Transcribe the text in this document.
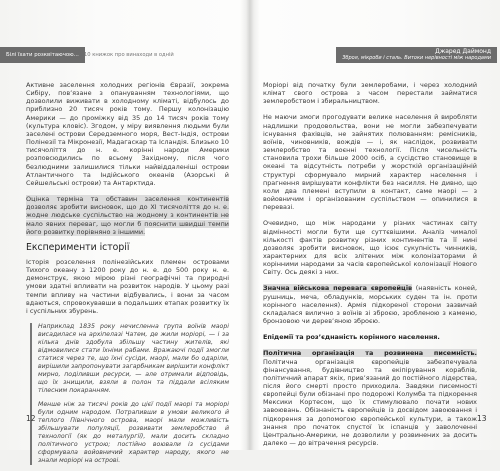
Білі їхати розквітаючою... 10 книжок про винаходи в одній

Активне заселення холодних регіонів Євразії, зокрема Сибіру, пов’язане з опануванням технологіями, що дозволили виживати в холодному кліматі, відбулось до приблизно 20 тисяч років тому. Першу колонізацію Америки — до проміжку від 35 до 14 тисяч років тому (культура кловіс). Згодом, у міру виявлення людьми були заселені острови Середземного моря, Вест-Індія, острови Полінезії та Мікронезії, Мадагаскар та Ісландія. Близько 10 тисячоліття до н. е. корінні народи Америки розповсюдились по всьому Західному, після чого безлюдними залишилися тільки найвіддаленіші острови Атлантичного та Індійського океанів (Азорські й Сейшельські острови) та Антарктида.

Оцінка терміна та обставин заселення континентів дозволяє зробити висновок, що до XI тисячоліття до н. е. жодне людське суспільство на жодному з континентів не мало явних переваг, що могли б пояснити швидші темпи його розвитку порівняно з іншими.

Експерименти історії

Історія розселення полінезійських племен островами Тихого океану з 1200 року до н. е. до 500 року н. е. демонструє, якою мірою різні географічні та природні умови здатні впливати на розвиток народів. У цьому разі темпи впливу на частини відбувались, і вони за часом вдаються, спровокувавши в подальших етапах розвитку їх і суспільних збурень.

Наприклад 1835 року нечисленна група воїнів маорі висадилася на архіпелазі Чатем, де жили моріорі, — і за кілька днів здобула збільшу частину жителів, які відмовилися стати їхніми рабами. Вражаючі події змогли статися через те, що їхні сусіди, маорі, мали бо одаріли, вирішили запропонувати загарбникам вирішити конфлікт мирно, поділивши ресурси, — але отримали відповідь, що їх знищили, взяли в полон та піддали всіляким тілесним покаранням.

Менше ніж за тисячі років до цієї події маорі та моріорі були одним народом. Потрапивши в умови великого й теплого Північного острова, маорі мали можливість збільшувати популяції, розвивати землеробство й технології (як до металургії), мали досить складно політичного устрою; постійно воювали із сусідами сформувала войовничий характер народу, якого не знали моріорі на острові.

12
Джаред Даймонд
Зброя, мікроби і сталь. Витоки нерівності між народами

Моріорі від початку були землеробами, і через холодний клімат свого острова з часом перестали займатися землеробством і збиральництвом.

Не маючи змоги прогодувати велике населення й виробляти надлишки продовольства, вони не могли забезпечувати існування фахівців, не зайнятих полюванням: ремісників, воїнів, чиновників, вождів — і, як наслідок, розвивати землеробство та воєнні технології. Після чисельність становила трохи більше 2000 осіб, а сусідство становище в океані та відсутність потреби у жорсткій організаційній структурі сформувало мирний характер населення і прагнення вирішувати конфлікти без насилля. Не дивно, що коли два племені вступили в контакт, саме маорі — з войовничим і організованим суспільством — опинилися в перевазі.

Очевидно, що між народами у різних частинах світу відмінності могли бути ще суттєвішими. Аналіз чималої кількості фактів розвитку різних континентів та її нині дозволяє зробити висновок, що ісює сукупність чинників, характерних для всіх злітених між колонізаторами й корінними народами за часів європейської колонізації Нового Світу. Ось деякі з них.

Значна військова перевага європейців (наявність коней, рушниць, меча, обладунків, морських суден та ін. проти корінного населення). Армія підкореної сторони зазвичай складалася вилично з воїнів зі зброєю, зробленою з каменю, бронзовою чи дерев’яною зброєю.

Епідемії та роз’єднаність корінного населення.

Політична організація та розвинена писемність. Політична організація європейців забезпечувала фінансування, будівництво та екіпірування кораблів, політичний апарат якіх, прив’язаний до постійного лідерства, після його смерті просто приходила. Завдяки писемності європейці були обізнані про подорожі Колумба та підкорення Мексики Кортесом, що їх стимулювало почати нових завоювань. Обізнаність європейців із досвідом завоювання і підкорення за допомогою європейської культури, а також знання про початок спустої їх іспанців у заволоченні Центрально-Америки, не дозволили у розвинених за досить далеко — до вітрачення ресурсів.

13
